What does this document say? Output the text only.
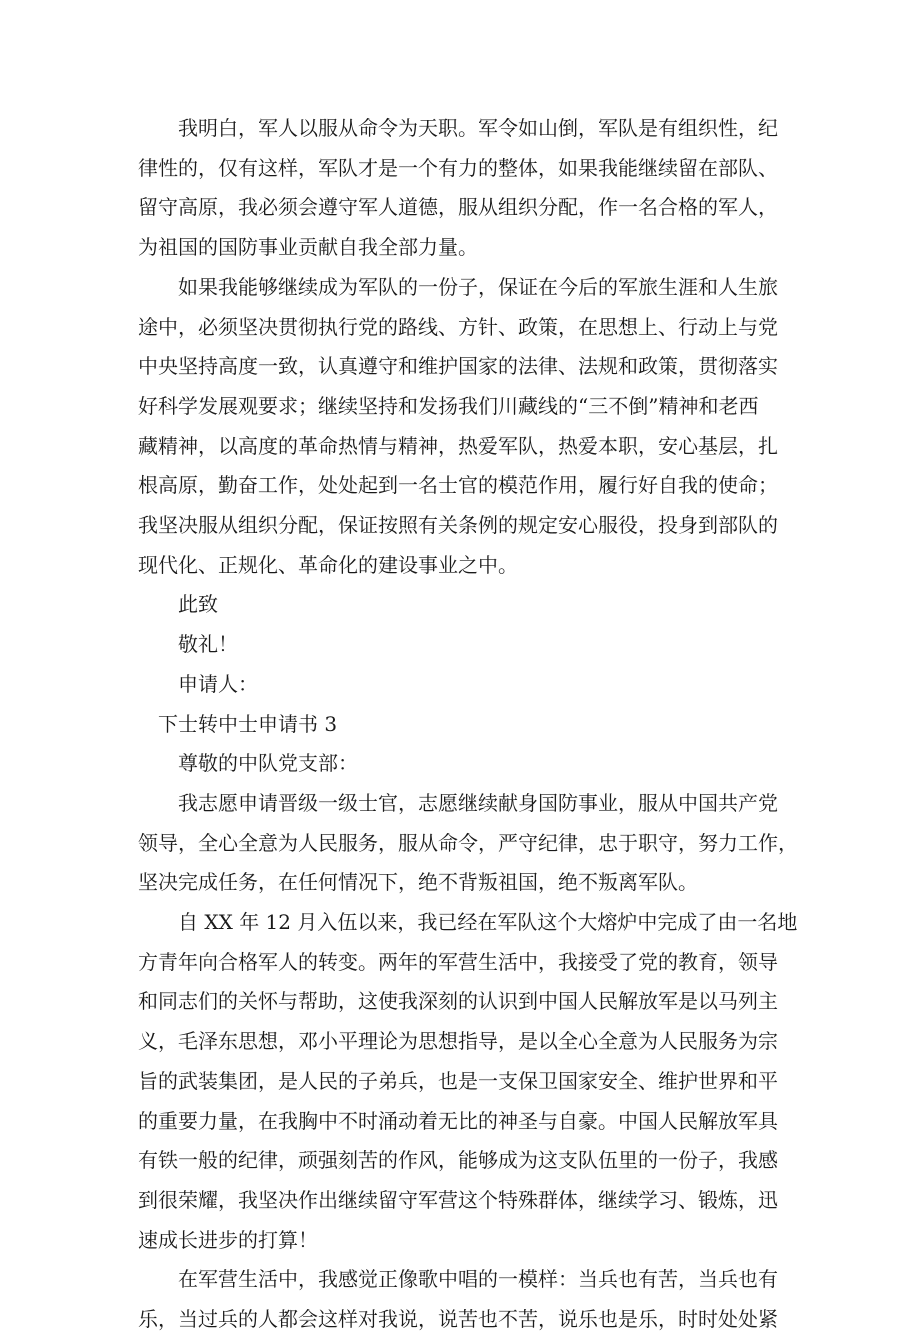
　　我明白，军人以服从命令为天职。军令如山倒，军队是有组织性，纪
律性的，仅有这样，军队才是一个有力的整体，如果我能继续留在部队、
留守高原，我必须会遵守军人道德，服从组织分配，作一名合格的军人，
为祖国的国防事业贡献自我全部力量。
　　如果我能够继续成为军队的一份子，保证在今后的军旅生涯和人生旅
途中，必须坚决贯彻执行党的路线、方针、政策，在思想上、行动上与党
中央坚持高度一致，认真遵守和维护国家的法律、法规和政策，贯彻落实
好科学发展观要求；继续坚持和发扬我们川藏线的“三不倒”精神和老西
藏精神，以高度的革命热情与精神，热爱军队，热爱本职，安心基层，扎
根高原，勤奋工作，处处起到一名士官的模范作用，履行好自我的使命；
我坚决服从组织分配，保证按照有关条例的规定安心服役，投身到部队的
现代化、正规化、革命化的建设事业之中。
　　此致
　　敬礼！
　　申请人：
　下士转中士申请书 3
　　尊敬的中队党支部：
　　我志愿申请晋级一级士官，志愿继续献身国防事业，服从中国共产党
领导，全心全意为人民服务，服从命令，严守纪律，忠于职守，努力工作，
坚决完成任务，在任何情况下，绝不背叛祖国，绝不叛离军队。
　　自 XX 年 12 月入伍以来，我已经在军队这个大熔炉中完成了由一名地
方青年向合格军人的转变。两年的军营生活中，我接受了党的教育，领导
和同志们的关怀与帮助，这使我深刻的认识到中国人民解放军是以马列主
义，毛泽东思想，邓小平理论为思想指导，是以全心全意为人民服务为宗
旨的武装集团，是人民的子弟兵，也是一支保卫国家安全、维护世界和平
的重要力量，在我胸中不时涌动着无比的神圣与自豪。中国人民解放军具
有铁一般的纪律，顽强刻苦的作风，能够成为这支队伍里的一份子，我感
到很荣耀，我坚决作出继续留守军营这个特殊群体，继续学习、锻炼，迅
速成长进步的打算！
　　在军营生活中，我感觉正像歌中唱的一模样：当兵也有苦，当兵也有
乐，当过兵的人都会这样对我说，说苦也不苦，说乐也是乐，时时处处紧
